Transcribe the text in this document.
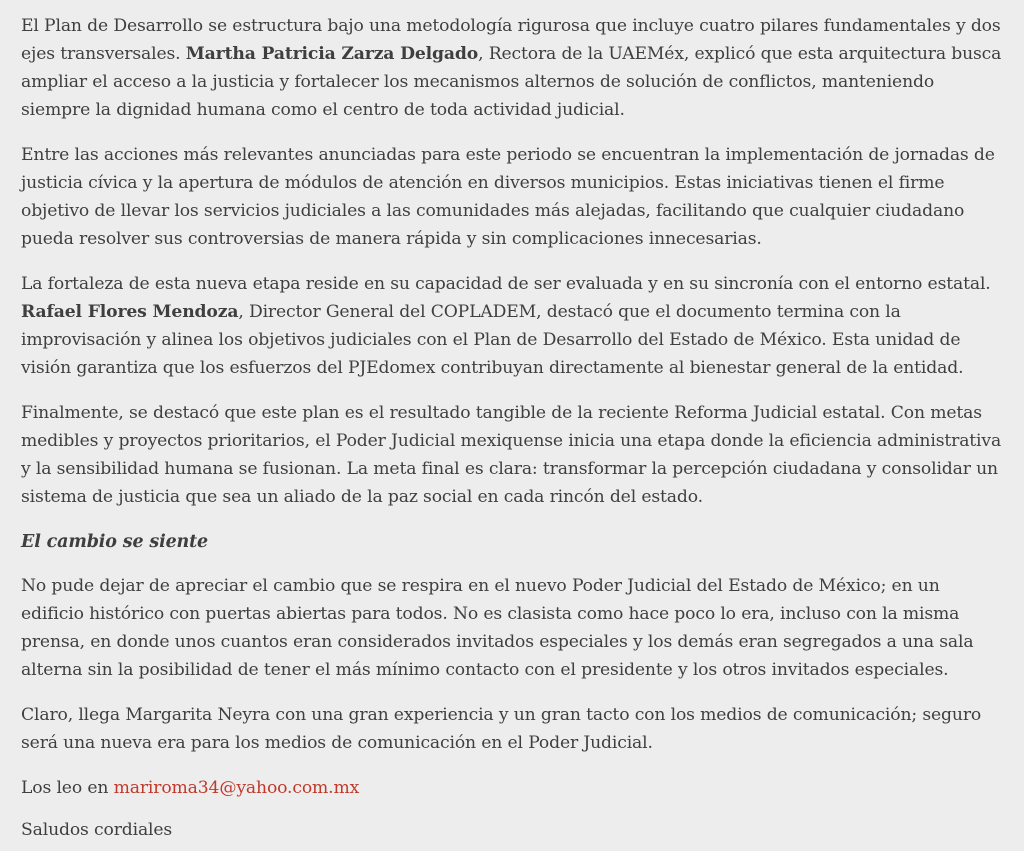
El Plan de Desarrollo se estructura bajo una metodología rigurosa que incluye cuatro pilares fundamentales y dos ejes transversales. Martha Patricia Zarza Delgado, Rectora de la UAEMéx, explicó que esta arquitectura busca ampliar el acceso a la justicia y fortalecer los mecanismos alternos de solución de conflictos, manteniendo siempre la dignidad humana como el centro de toda actividad judicial.

Entre las acciones más relevantes anunciadas para este periodo se encuentran la implementación de jornadas de justicia cívica y la apertura de módulos de atención en diversos municipios. Estas iniciativas tienen el firme objetivo de llevar los servicios judiciales a las comunidades más alejadas, facilitando que cualquier ciudadano pueda resolver sus controversias de manera rápida y sin complicaciones innecesarias.

La fortaleza de esta nueva etapa reside en su capacidad de ser evaluada y en su sincronía con el entorno estatal. Rafael Flores Mendoza, Director General del COPLADEM, destacó que el documento termina con la improvisación y alinea los objetivos judiciales con el Plan de Desarrollo del Estado de México. Esta unidad de visión garantiza que los esfuerzos del PJEdomex contribuyan directamente al bienestar general de la entidad.

Finalmente, se destacó que este plan es el resultado tangible de la reciente Reforma Judicial estatal. Con metas medibles y proyectos prioritarios, el Poder Judicial mexiquense inicia una etapa donde la eficiencia administrativa y la sensibilidad humana se fusionan. La meta final es clara: transformar la percepción ciudadana y consolidar un sistema de justicia que sea un aliado de la paz social en cada rincón del estado.

El cambio se siente

No pude dejar de apreciar el cambio que se respira en el nuevo Poder Judicial del Estado de México; en un edificio histórico con puertas abiertas para todos. No es clasista como hace poco lo era, incluso con la misma prensa, en donde unos cuantos eran considerados invitados especiales y los demás eran segregados a una sala alterna sin la posibilidad de tener el más mínimo contacto con el presidente y los otros invitados especiales.

Claro, llega Margarita Neyra con una gran experiencia y un gran tacto con los medios de comunicación; seguro será una nueva era para los medios de comunicación en el Poder Judicial.

Los leo en mariroma34@yahoo.com.mx

Saludos cordiales
